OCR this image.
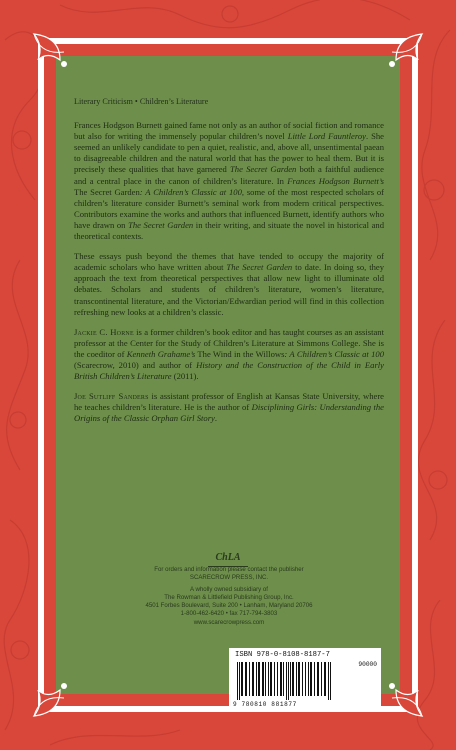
Literary Criticism • Children’s Literature

Frances Hodgson Burnett gained fame not only as an author of social fiction and romance but also for writing the immensely popular children’s novel Little Lord Fauntleroy. She seemed an unlikely candidate to pen a quiet, realistic, and, above all, unsentimental paean to disagreeable children and the natural world that has the power to heal them. But it is precisely these qualities that have garnered The Secret Garden both a faithful audience and a central place in the canon of children’s literature. In Frances Hodgson Burnett’s The Secret Garden: A Children’s Classic at 100, some of the most respected scholars of children’s literature consider Burnett’s seminal work from modern critical perspectives. Contributors examine the works and authors that influenced Burnett, identify authors who have drawn on The Secret Garden in their writing, and situate the novel in historical and theoretical contexts.

These essays push beyond the themes that have tended to occupy the majority of academic scholars who have written about The Secret Garden to date. In doing so, they approach the text from theoretical perspectives that allow new light to illuminate old debates. Scholars and students of children’s literature, women’s literature, transcontinental literature, and the Victorian/Edwardian period will find in this collection refreshing new looks at a children’s classic.

Jackie C. Horne is a former children’s book editor and has taught courses as an assistant professor at the Center for the Study of Children’s Literature at Simmons College. She is the coeditor of Kenneth Grahame’s The Wind in the Willows: A Children’s Classic at 100 (Scarecrow, 2010) and author of History and the Construction of the Child in Early British Children’s Literature (2011).

Joe Sutliff Sanders is assistant professor of English at Kansas State University, where he teaches children’s literature. He is the author of Disciplining Girls: Understanding the Origins of the Classic Orphan Girl Story.

ChLA
For orders and information please contact the publisher
SCARECROW PRESS, INC.
A wholly owned subsidiary of
The Rowman & Littlefield Publishing Group, Inc.
4501 Forbes Boulevard, Suite 200 • Lanham, Maryland 20706
1-800-462-6420 • fax 717-794-3803
www.scarecrowpress.com
ISBN 978-0-8108-8187-7
90000
9 780810 881877
